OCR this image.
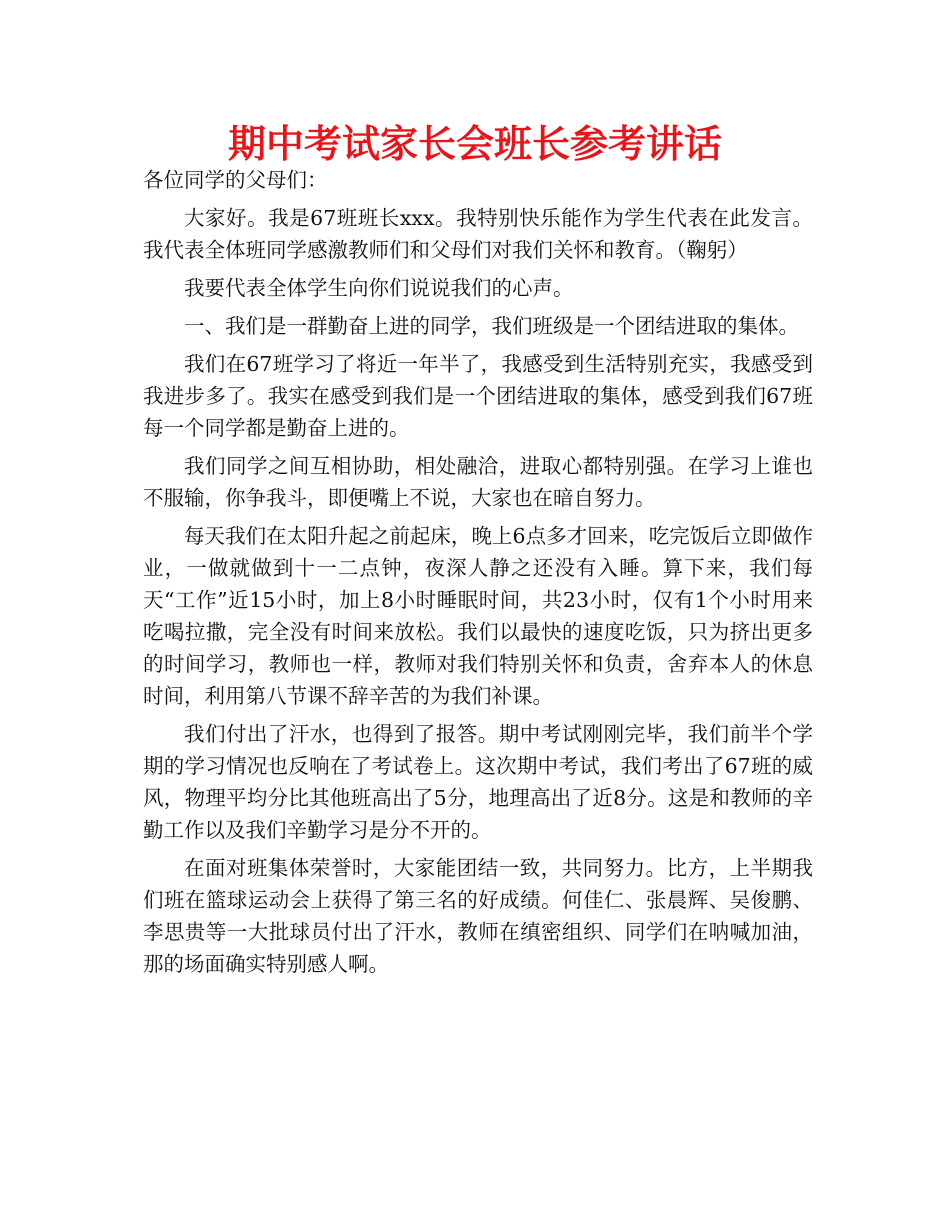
期中考试家长会班长参考讲话

各位同学的父母们：

大家好。我是67班班长xxx。我特别快乐能作为学生代表在此发言。我代表全体班同学感激教师们和父母们对我们关怀和教育。（鞠躬）

我要代表全体学生向你们说说我们的心声。

一、我们是一群勤奋上进的同学，我们班级是一个团结进取的集体。

我们在67班学习了将近一年半了，我感受到生活特别充实，我感受到我进步多了。我实在感受到我们是一个团结进取的集体，感受到我们67班每一个同学都是勤奋上进的。

我们同学之间互相协助，相处融洽，进取心都特别强。在学习上谁也不服输，你争我斗，即便嘴上不说，大家也在暗自努力。

每天我们在太阳升起之前起床，晚上6点多才回来，吃完饭后立即做作业，一做就做到十一二点钟，夜深人静之还没有入睡。算下来，我们每天“工作”近15小时，加上8小时睡眠时间，共23小时，仅有1个小时用来吃喝拉撒，完全没有时间来放松。我们以最快的速度吃饭，只为挤出更多的时间学习，教师也一样，教师对我们特别关怀和负责，舍弃本人的休息时间，利用第八节课不辞辛苦的为我们补课。

我们付出了汗水，也得到了报答。期中考试刚刚完毕，我们前半个学期的学习情况也反响在了考试卷上。这次期中考试，我们考出了67班的威风，物理平均分比其他班高出了5分，地理高出了近8分。这是和教师的辛勤工作以及我们辛勤学习是分不开的。

在面对班集体荣誉时，大家能团结一致，共同努力。比方，上半期我们班在篮球运动会上获得了第三名的好成绩。何佳仁、张晨辉、吴俊鹏、李思贵等一大批球员付出了汗水，教师在缜密组织、同学们在呐喊加油，那的场面确实特别感人啊。
